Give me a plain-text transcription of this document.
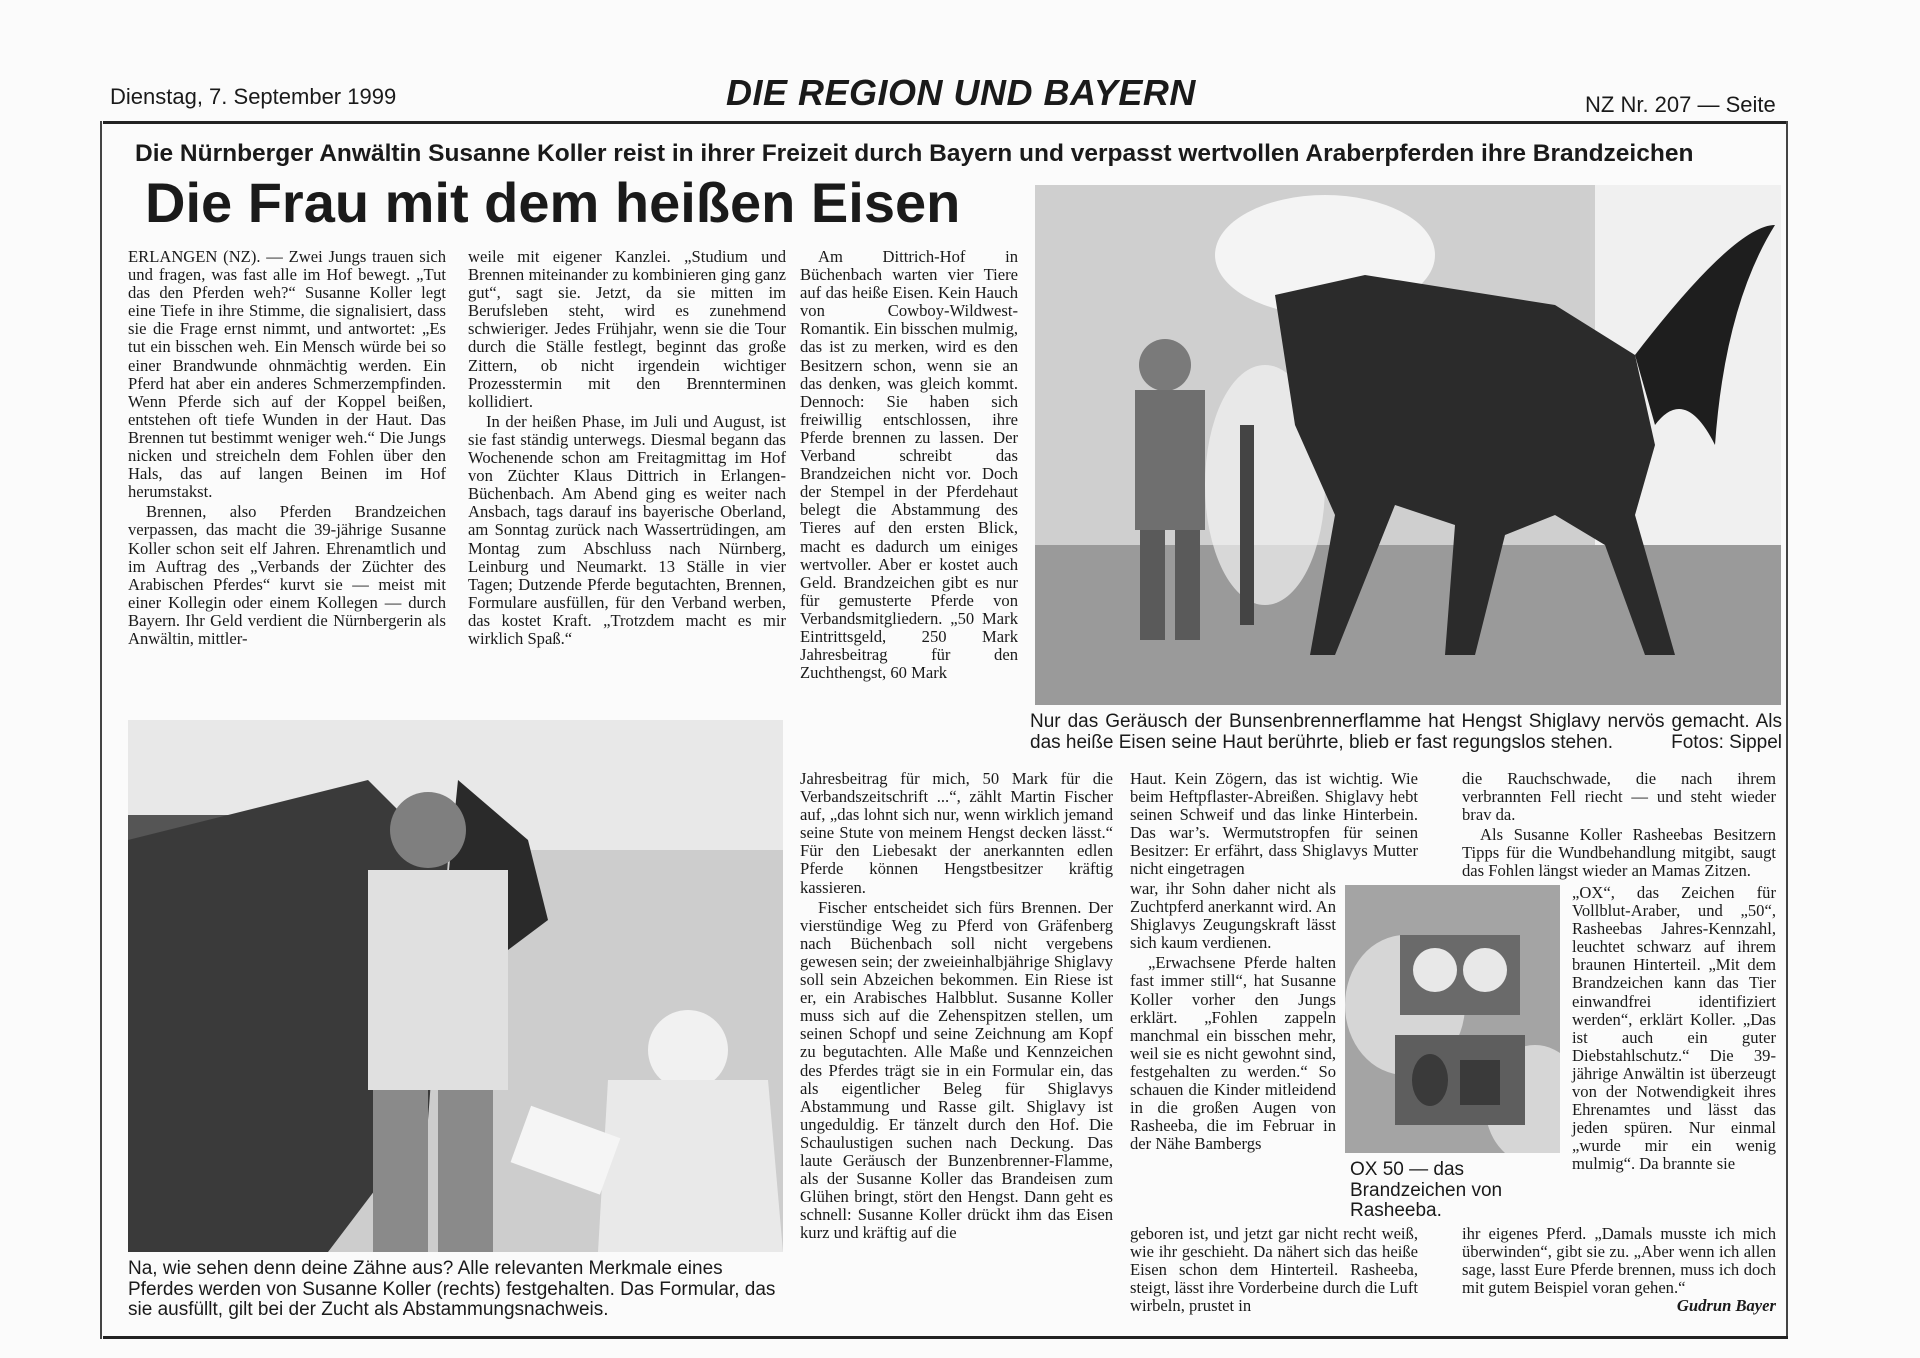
Dienstag, 7. September 1999	DIE REGION UND BAYERN	NZ Nr. 207 — Seite
Die Nürnberger Anwältin Susanne Koller reist in ihrer Freizeit durch Bayern und verpasst wertvollen Araberpferden ihre Brandzeichen
Die Frau mit dem heißen Eisen

ERLANGEN (NZ). — Zwei Jungs trauen sich und fragen, was fast alle im Hof bewegt. „Tut das den Pferden weh?“ Susanne Koller legt eine Tiefe in ihre Stimme, die signalisiert, dass sie die Frage ernst nimmt, und antwortet: „Es tut ein bisschen weh. Ein Mensch würde bei so einer Brandwunde ohnmächtig werden. Ein Pferd hat aber ein anderes Schmerzempfinden. Wenn Pferde sich auf der Koppel beißen, entstehen oft tiefe Wunden in der Haut. Das Brennen tut bestimmt weniger weh.“ Die Jungs nicken und streicheln dem Fohlen über den Hals, das auf langen Beinen im Hof herumstakst.

Brennen, also Pferden Brandzeichen verpassen, das macht die 39-jährige Susanne Koller schon seit elf Jahren. Ehrenamtlich und im Auftrag des „Verbands der Züchter des Arabischen Pferdes“ kurvt sie — meist mit einer Kollegin oder einem Kollegen — durch Bayern. Ihr Geld verdient die Nürnbergerin als Anwältin, mittler-

weile mit eigener Kanzlei. „Studium und Brennen miteinander zu kombinieren ging ganz gut“, sagt sie. Jetzt, da sie mitten im Berufsleben steht, wird es zunehmend schwieriger. Jedes Frühjahr, wenn sie die Tour durch die Ställe festlegt, beginnt das große Zittern, ob nicht irgendein wichtiger Prozesstermin mit den Brennterminen kollidiert.

In der heißen Phase, im Juli und August, ist sie fast ständig unterwegs. Diesmal begann das Wochenende schon am Freitagmittag im Hof von Züchter Klaus Dittrich in Erlangen-Büchenbach. Am Abend ging es weiter nach Ansbach, tags darauf ins bayerische Oberland, am Sonntag zurück nach Wassertrüdingen, am Montag zum Abschluss nach Nürnberg, Leinburg und Neumarkt. 13 Ställe in vier Tagen; Dutzende Pferde begutachten, Brennen, Formulare ausfüllen, für den Verband werben, das kostet Kraft. „Trotzdem macht es mir wirklich Spaß.“

Am Dittrich-Hof in Büchenbach warten vier Tiere auf das heiße Eisen. Kein Hauch von Cowboy-Wildwest-Romantik. Ein bisschen mulmig, das ist zu merken, wird es den Besitzern schon, wenn sie an das denken, was gleich kommt. Dennoch: Sie haben sich freiwillig entschlossen, ihre Pferde brennen zu lassen. Der Verband schreibt das Brandzeichen nicht vor. Doch der Stempel in der Pferdehaut belegt die Abstammung des Tieres auf den ersten Blick, macht es dadurch um einiges wertvoller. Aber er kostet auch Geld. Brandzeichen gibt es nur für gemusterte Pferde von Verbandsmitgliedern. „50 Mark Eintrittsgeld, 250 Mark Jahresbeitrag für den Zuchthengst, 60 Mark

Jahresbeitrag für mich, 50 Mark für die Verbandszeitschrift ...“, zählt Martin Fischer auf, „das lohnt sich nur, wenn wirklich jemand seine Stute von meinem Hengst decken lässt.“ Für den Liebesakt der anerkannten edlen Pferde können Hengstbesitzer kräftig kassieren.

Fischer entscheidet sich fürs Brennen. Der vierstündige Weg zu Pferd von Gräfenberg nach Büchenbach soll nicht vergebens gewesen sein; der zweieinhalbjährige Shiglavy soll sein Abzeichen bekommen. Ein Riese ist er, ein Arabisches Halbblut. Susanne Koller muss sich auf die Zehenspitzen stellen, um seinen Schopf und seine Zeichnung am Kopf zu begutachten. Alle Maße und Kennzeichen des Pferdes trägt sie in ein Formular ein, das als eigentlicher Beleg für Shiglavys Abstammung und Rasse gilt. Shiglavy ist ungeduldig. Er tänzelt durch den Hof. Die Schaulustigen suchen nach Deckung. Das laute Geräusch der Bunzenbrenner-Flamme, als der Susanne Koller das Brandeisen zum Glühen bringt, stört den Hengst. Dann geht es schnell: Susanne Koller drückt ihm das Eisen kurz und kräftig auf die

Haut. Kein Zögern, das ist wichtig. Wie beim Heftpflaster-Abreißen. Shiglavy hebt seinen Schweif und das linke Hinterbein. Das war’s. Wermutstropfen für seinen Besitzer: Er erfährt, dass Shiglavys Mutter nicht eingetragen

war, ihr Sohn daher nicht als Zuchtpferd anerkannt wird. An Shiglavys Zeugungskraft lässt sich kaum verdienen.

„Erwachsene Pferde halten fast immer still“, hat Susanne Koller vorher den Jungs erklärt. „Fohlen zappeln manchmal ein bisschen mehr, weil sie es nicht gewohnt sind, festgehalten zu werden.“ So schauen die Kinder mitleidend in die großen Augen von Rasheeba, die im Februar in der Nähe Bambergs

geboren ist, und jetzt gar nicht recht weiß, wie ihr geschieht. Da nähert sich das heiße Eisen schon dem Hinterteil. Rasheeba, steigt, lässt ihre Vorderbeine durch die Luft wirbeln, prustet in

die Rauchschwade, die nach ihrem verbrannten Fell riecht — und steht wieder brav da.

Als Susanne Koller Rasheebas Besitzern Tipps für die Wundbehandlung mitgibt, saugt das Fohlen längst wieder an Mamas Zitzen.

„OX“, das Zeichen für Vollblut-Araber, und „50“, Rasheebas Jahres-Kennzahl, leuchtet schwarz auf ihrem braunen Hinterteil. „Mit dem Brandzeichen kann das Tier einwandfrei identifiziert werden“, erklärt Koller. „Das ist auch ein guter Diebstahlschutz.“ Die 39-jährige Anwältin ist überzeugt von der Notwendigkeit ihres Ehrenamtes und lässt das jeden spüren. Nur einmal „wurde mir ein wenig mulmig“. Da brannte sie

ihr eigenes Pferd. „Damals musste ich mich überwinden“, gibt sie zu. „Aber wenn ich allen sage, lasst Eure Pferde brennen, muss ich doch mit gutem Beispiel voran gehen.“

Gudrun Bayer
Nur das Geräusch der Bunsenbrennerflamme hat Hengst Shiglavy nervös gemacht. Als das heiße Eisen seine Haut berührte, blieb er fast regungslos stehen.	Fotos: Sippel
Na, wie sehen denn deine Zähne aus? Alle relevanten Merkmale eines Pferdes werden von Susanne Koller (rechts) festgehalten. Das Formular, das sie ausfüllt, gilt bei der Zucht als Abstammungsnachweis.
OX 50 — das Brandzeichen von Rasheeba.
